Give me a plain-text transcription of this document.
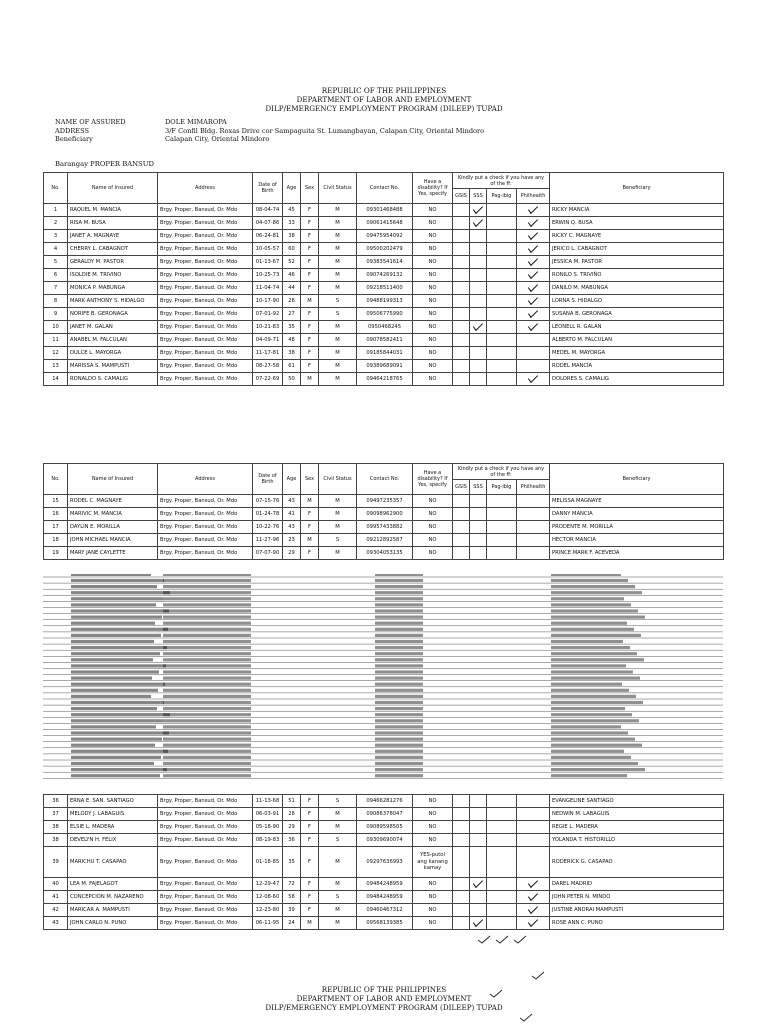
REPUBLIC OF THE PHILIPPINES
DEPARTMENT OF LABOR AND EMPLOYMENT
DILP/EMERGENCY EMPLOYMENT PROGRAM (DILEEP) TUPAD
NAME OF ASSURED	DOLE MIMAROPA
ADDRESS	3/F Confil Bldg. Roxas Drive cor Sampaguita St. Lumangbayan, Calapan City, Oriental Mindoro
Beneficiary	Calapan City, Oriental Mindoro
Barangay PROPER BANSUD
No.	Name of Insured	Address	Date of Birth	Age	Sex	Civil Status	Contact No.	Have a disability? If Yes, specify	Kindly put a check if you have any of the ff:				Beneficiary
									GSIS	SSS	Pag-ibig	Philhealth	
1	RAQUEL M. MANCIA	Brgy. Proper, Bansud, Or. Mdo	08-04-74	45	F	M	09301468488	NO					RICKY MANCIA
2	RISA M. BUSA	Brgy. Proper, Bansud, Or. Mdo	04-07-86	33	F	M	09061415648	NO					ERWIN Q. BUSA
3	JANET A. MAGNAYE	Brgy. Proper, Bansud, Or. Mdo	06-24-81	38	F	M	09475954092	NO					RICKY C. MAGNAYE
4	CHERRY L. CABAGNOT	Brgy. Proper, Bansud, Or. Mdo	10-05-57	60	F	M	09500202479	NO					JERICO L. CABAGNOT
5	GERALDY M. PASTOR	Brgy. Proper, Bansud, Or. Mdo	01-13-67	52	F	M	09383541614	NO					JESSICA M. PASTOR
6	ISOLDIE M. TRIVINO	Brgy. Proper, Bansud, Or. Mdo	10-25-73	46	F	M	09074269132	NO					RONILO S. TRIVIÑO
7	MONICA P. MABUNGA	Brgy. Proper, Bansud, Or. Mdo	11-04-74	44	F	M	09218511400	NO					DANILO M. MABUNGA
8	MARK ANTHONY S. HIDALGO	Brgy. Proper, Bansud, Or. Mdo	10-17-90	28	M	S	09488199313	NO					LORNA S. HIDALGO
9	NORIFE B. GERONAGA	Brgy. Proper, Bansud, Or. Mdo	07-01-92	27	F	S	09506775990	NO					SUSANA B. GERONAGA
10	JANET M. GALAN	Brgy. Proper, Bansud, Or. Mdo	10-21-83	35	F	M	0950468245	NO					LEONELL R. GALAN
11	ANABEL M. FALCULAN	Brgy. Proper, Bansud, Or. Mdo	04-09-71	48	F	M	09078582411	NO					ALBERTO M. FALCULAN
12	DULCE L. MAYORGA	Brgy. Proper, Bansud, Or. Mdo	11-17-81	38	F	M	09185844031	NO					MEDEL M. MAYORGA
13	MARISSA S. MAMPUSTI	Brgy. Proper, Bansud, Or. Mdo	08-27-58	61	F	M	09389689091	NO					RODEL MANCIA
14	RONALDO S. CAMALIG	Brgy. Proper, Bansud, Or. Mdo	07-22-69	50	M	M	09464218765	NO					DOLORES S. CAMALIG
No.	Name of Insured	Address	Date of Birth	Age	Sex	Civil Status	Contact No.	Have a disability? If Yes, specify	Kindly put a check if you have any of the ff:				Beneficiary
									GSIS	SSS	Pag-ibig	Philhealth	
15	RODEL C. MAGNAYE	Brgy. Proper, Bansud, Or. Mdo	07-15-76	43	M	M	09497235357	NO					MELISSA MAGNAYE
16	MARIVIC M. MANCIA	Brgy. Proper, Bansud, Or. Mdo	01-24-78	41	F	M	09098962900	NO					DANNY MANCIA
17	DAYLIN E. MORILLA	Brgy. Proper, Bansud, Or. Mdo	10-22-76	43	F	M	09957433882	NO					PRODENTE M. MORILLA
18	JOHN MICHAEL MANCIA	Brgy. Proper, Bansud, Or. Mdo	11-27-96	23	M	S	09212892587	NO					HECTOR MANCIA
19	MARY JANE CAYLETTE	Brgy. Proper, Bansud, Or. Mdo	07-07-90	29	F	M	09304053135	NO					PRINCE MARK F. ACEVEDA
36	ERNA E. SAN. SANTIAGO	Brgy. Proper, Bansud, Or. Mdo	11-13-68	51	F	S	09466281276	NO					EVANGELINE SANTIAGO
37	MELODY J. LABAGUIS	Brgy. Proper, Bansud, Or. Mdo	06-03-91	28	F	M	09086378047	NO					NEDWIN M. LABAGUIS
38	ELSIE L. MADERA	Brgy. Proper, Bansud, Or. Mdo	05-18-90	29	F	M	09089598505	NO					REGIE L. MADERA
38	DEVELYN H. FELIX	Brgy. Proper, Bansud, Or. Mdo	08-19-83	36	F	S	09309690074	NO					YOLANDA T. HISTORILLO
39	MARICHU T. CASAPAO	Brgy. Proper, Bansud, Or. Mdo	01-18-85	35	F	M	09297636993	YES-putol ang kanang kamay					RODERICK G. CASAPAO
40	LEA M. FAJELAGOT	Brgy. Proper, Bansud, Or. Mdo	12-29-47	72	F	M	09484248959	NO					DAREL MADRID
41	CONCEPCION M. NAZARENO	Brgy. Proper, Bansud, Or. Mdo	12-08-60	58	F	S	09484248959	NO					JOHN PETER N. MINDO
42	MARICAR A. MAMPUSTI	Brgy. Proper, Bansud, Or. Mdo	12-23-80	39	F	M	09460467312	NO					JUSTINE ANDRAI MAMPUSTI
43	JOHN CARLO N. PUNO	Brgy. Proper, Bansud, Or. Mdo	06-11-95	24	M	M	09568139385	NO					ROSE ANN C. PUNO
REPUBLIC OF THE PHILIPPINES
DEPARTMENT OF LABOR AND EMPLOYMENT
DILP/EMERGENCY EMPLOYMENT PROGRAM (DILEEP) TUPAD
